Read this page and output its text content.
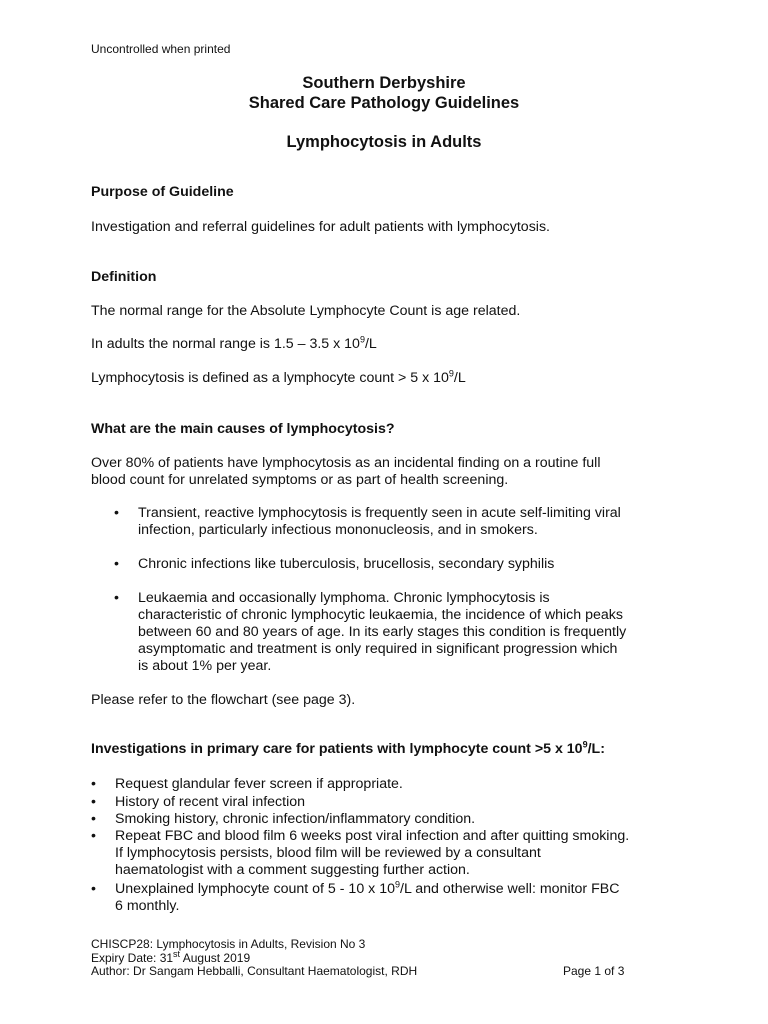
Uncontrolled when printed

Southern Derbyshire

Shared Care Pathology Guidelines

Lymphocytosis in Adults

Purpose of Guideline

Investigation and referral guidelines for adult patients with lymphocytosis.

Definition

The normal range for the Absolute Lymphocyte Count is age related.

In adults the normal range is 1.5 – 3.5 x $10^9/L$

Lymphocytosis is defined as a lymphocyte count > 5 x $10^9/L$

What are the main causes of lymphocytosis?

Over 80% of patients have lymphocytosis as an incidental finding on a routine full
blood count for unrelated symptoms or as part of health screening.
• Transient, reactive lymphocytosis is frequently seen in acute self-limiting viral
infection, particularly infectious mononucleosis, and in smokers.
• Chronic infections like tuberculosis, brucellosis, secondary syphilis
• Leukaemia and occasionally lymphoma. Chronic lymphocytosis is
characteristic of chronic lymphocytic leukaemia, the incidence of which peaks
between 60 and 80 years of age. In its early stages this condition is frequently
asymptomatic and treatment is only required in significant progression which
is about 1% per year.

Please refer to the flowchart (see page 3).

Investigations in primary care for patients with lymphocyte count >5 x $10^9/L$:

• Request glandular fever screen if appropriate.
• History of recent viral infection
• Smoking history, chronic infection/inflammatory condition.
• Repeat FBC and blood film 6 weeks post viral infection and after quitting smoking.
If lymphocytosis persists, blood film will be reviewed by a consultant
haematologist with a comment suggesting further action.
• Unexplained lymphocyte count of 5 - 10 x $10^9/L$ and otherwise well: monitor FBC
6 monthly.
CHISCP28: Lymphocytosis in Adults, Revision No 3
Expiry Date: 31st August 2019
Author: Dr Sangam Hebballi, Consultant Haematologist, RDH	Page 1 of 3
